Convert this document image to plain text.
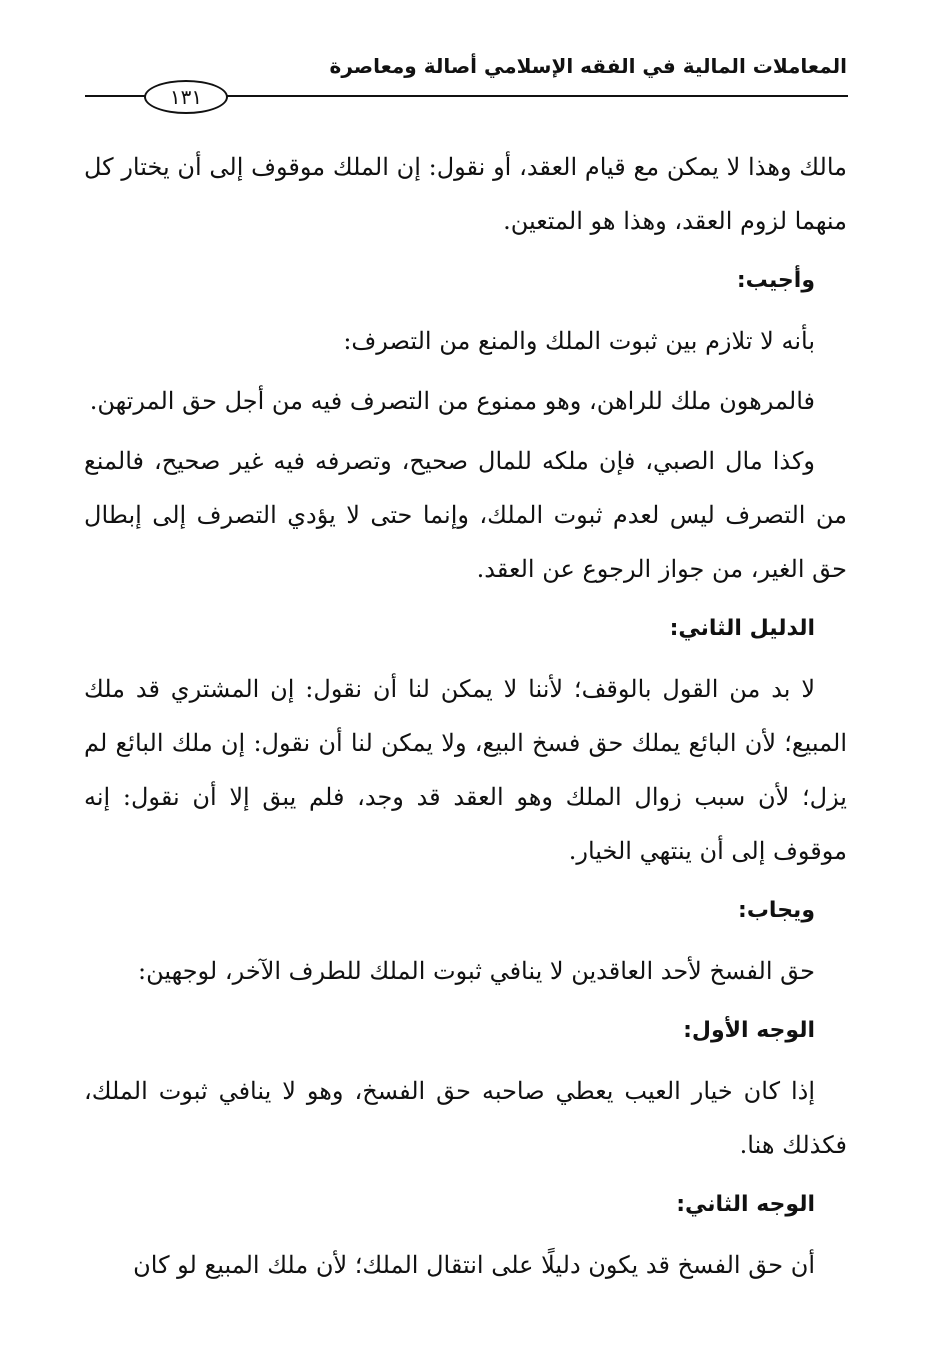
المعاملات المالية في الفقه الإسلامي أصالة ومعاصرة
١٣١

مالك وهذا لا يمكن مع قيام العقد، أو نقول: إن الملك موقوف إلى أن يختار كل منهما لزوم العقد، وهذا هو المتعين.

وأجيب:

بأنه لا تلازم بين ثبوت الملك والمنع من التصرف:

فالمرهون ملك للراهن، وهو ممنوع من التصرف فيه من أجل حق المرتهن.

وكذا مال الصبي، فإن ملكه للمال صحيح، وتصرفه فيه غير صحيح، فالمنع من التصرف ليس لعدم ثبوت الملك، وإنما حتى لا يؤدي التصرف إلى إبطال حق الغير، من جواز الرجوع عن العقد.

الدليل الثاني:

لا بد من القول بالوقف؛ لأننا لا يمكن لنا أن نقول: إن المشتري قد ملك المبيع؛ لأن البائع يملك حق فسخ البيع، ولا يمكن لنا أن نقول: إن ملك البائع لم يزل؛ لأن سبب زوال الملك وهو العقد قد وجد، فلم يبق إلا أن نقول: إنه موقوف إلى أن ينتهي الخيار.

ويجاب:

حق الفسخ لأحد العاقدين لا ينافي ثبوت الملك للطرف الآخر، لوجهين:

الوجه الأول:

إذا كان خيار العيب يعطي صاحبه حق الفسخ، وهو لا ينافي ثبوت الملك، فكذلك هنا.

الوجه الثاني:

أن حق الفسخ قد يكون دليلًا على انتقال الملك؛ لأن ملك المبيع لو كان
